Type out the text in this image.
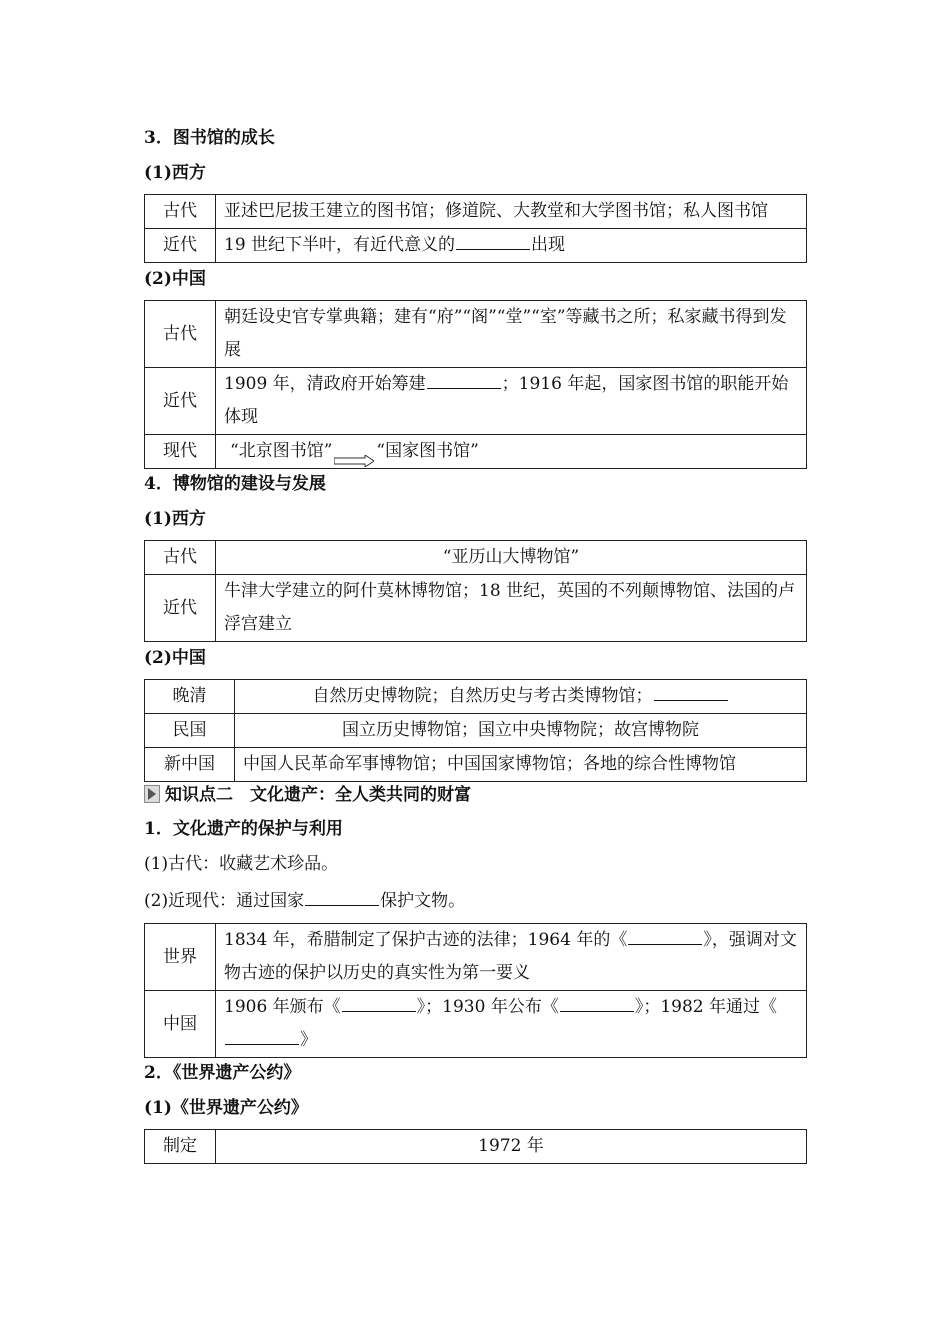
3．图书馆的成长

(1)西方

古代	亚述巴尼拔王建立的图书馆；修道院、大教堂和大学图书馆；私人图书馆
近代	19 世纪下半叶，有近代意义的 出现

(2)中国

古代	朝廷设史官专掌典籍；建有“府”“阁”“堂”“室”等藏书之所；私家藏书得到发展
近代	1909 年，清政府开始筹建 ；1916 年起，国家图书馆的职能开始体现
现代	“北京图书馆” “国家图书馆”

4．博物馆的建设与发展

(1)西方

古代	“亚历山大博物馆”
近代	牛津大学建立的阿什莫林博物馆；18 世纪，英国的不列颠博物馆、法国的卢浮宫建立

(2)中国

晚清	自然历史博物院；自然历史与考古类博物馆；
民国	国立历史博物馆；国立中央博物院；故宫博物院
新中国	中国人民革命军事博物馆；中国国家博物馆；各地的综合性博物馆

知识点二　文化遗产：全人类共同的财富

1．文化遗产的保护与利用

(1)古代：收藏艺术珍品。

(2)近现代：通过国家	保护文物。

世界	1834 年，希腊制定了保护古迹的法律；1964 年的《 》，强调对文物古迹的保护以历史的真实性为第一要义
中国	1906 年颁布《 》；1930 年公布《 》；1982 年通过《》

2．《世界遗产公约》

(1)《世界遗产公约》

制定	1972 年
